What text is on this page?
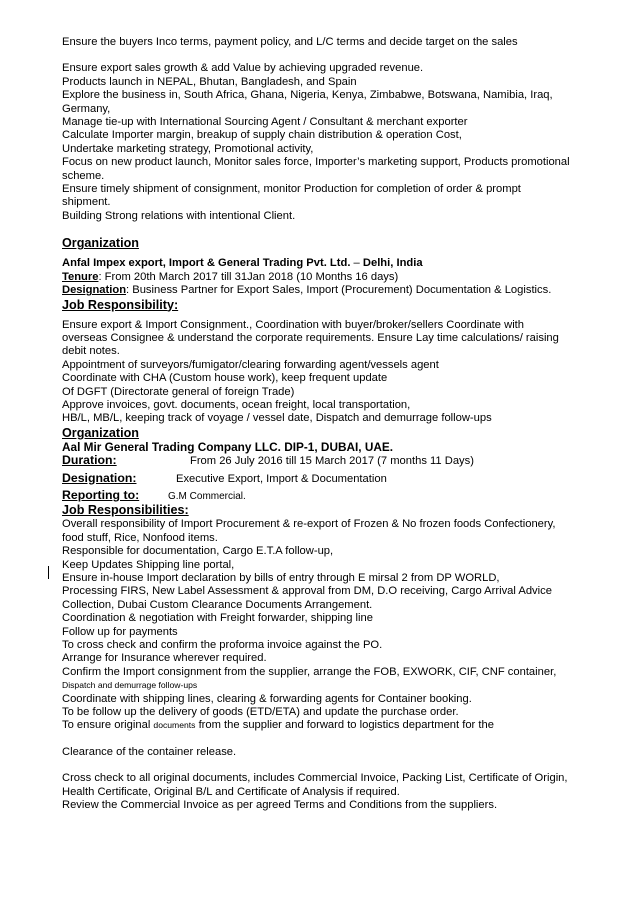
Ensure the buyers Inco terms, payment policy, and L/C terms and decide target on the sales
Ensure export sales growth & add Value by achieving upgraded revenue.
Products launch in NEPAL, Bhutan, Bangladesh, and Spain
Explore the business in, South Africa, Ghana, Nigeria, Kenya, Zimbabwe, Botswana, Namibia, Iraq,
Germany,
Manage tie-up with International Sourcing Agent / Consultant & merchant exporter
Calculate Importer margin, breakup of supply chain distribution & operation Cost,
Undertake marketing strategy, Promotional activity,
Focus on new product launch, Monitor sales force, Importer’s marketing support, Products promotional
scheme.
Ensure timely shipment of consignment, monitor Production for completion of order & prompt
shipment.
Building Strong relations with intentional Client.
Organization
Anfal Impex export, Import & General Trading Pvt. Ltd. – Delhi, India
Tenure: From 20th March 2017 till 31Jan 2018 (10 Months 16 days)
Designation: Business Partner for Export Sales, Import (Procurement) Documentation & Logistics.
Job Responsibility:
Ensure export & Import Consignment., Coordination with buyer/broker/sellers Coordinate with
overseas Consignee & understand the corporate requirements. Ensure Lay time calculations/ raising
debit notes.
Appointment of surveyors/fumigator/clearing forwarding agent/vessels agent
Coordinate with CHA (Custom house work), keep frequent update
Of DGFT (Directorate general of foreign Trade)
Approve invoices, govt. documents, ocean freight, local transportation,
HB/L, MB/L, keeping track of voyage / vessel date, Dispatch and demurrage follow-ups
Organization
Aal Mir General Trading Company LLC. DIP-1, DUBAI, UAE.
Duration:	From 26 July 2016 till 15 March 2017 (7 months 11 Days)
Designation:	Executive Export, Import & Documentation
Reporting to:	G.M Commercial.
Job Responsibilities:
Overall responsibility of Import Procurement & re-export of Frozen & No frozen foods Confectionery,
food stuff, Rice, Nonfood items.
Responsible for documentation, Cargo E.T.A follow-up,
Keep Updates Shipping line portal,
Ensure in-house Import declaration by bills of entry through E mirsal 2 from DP WORLD,
Processing FIRS, New Label Assessment & approval from DM, D.O receiving, Cargo Arrival Advice
Collection, Dubai Custom Clearance Documents Arrangement.
Coordination & negotiation with Freight forwarder, shipping line
Follow up for payments
To cross check and confirm the proforma invoice against the PO.
Arrange for Insurance wherever required.
Confirm the Import consignment from the supplier, arrange the FOB, EXWORK, CIF, CNF container,
Dispatch and demurrage follow-ups
Coordinate with shipping lines, clearing & forwarding agents for Container booking.
To be follow up the delivery of goods (ETD/ETA) and update the purchase order.
To ensure original documents from the supplier and forward to logistics department for the
Clearance of the container release.
Cross check to all original documents, includes Commercial Invoice, Packing List, Certificate of Origin,
Health Certificate, Original B/L and Certificate of Analysis if required.
Review the Commercial Invoice as per agreed Terms and Conditions from the suppliers.
